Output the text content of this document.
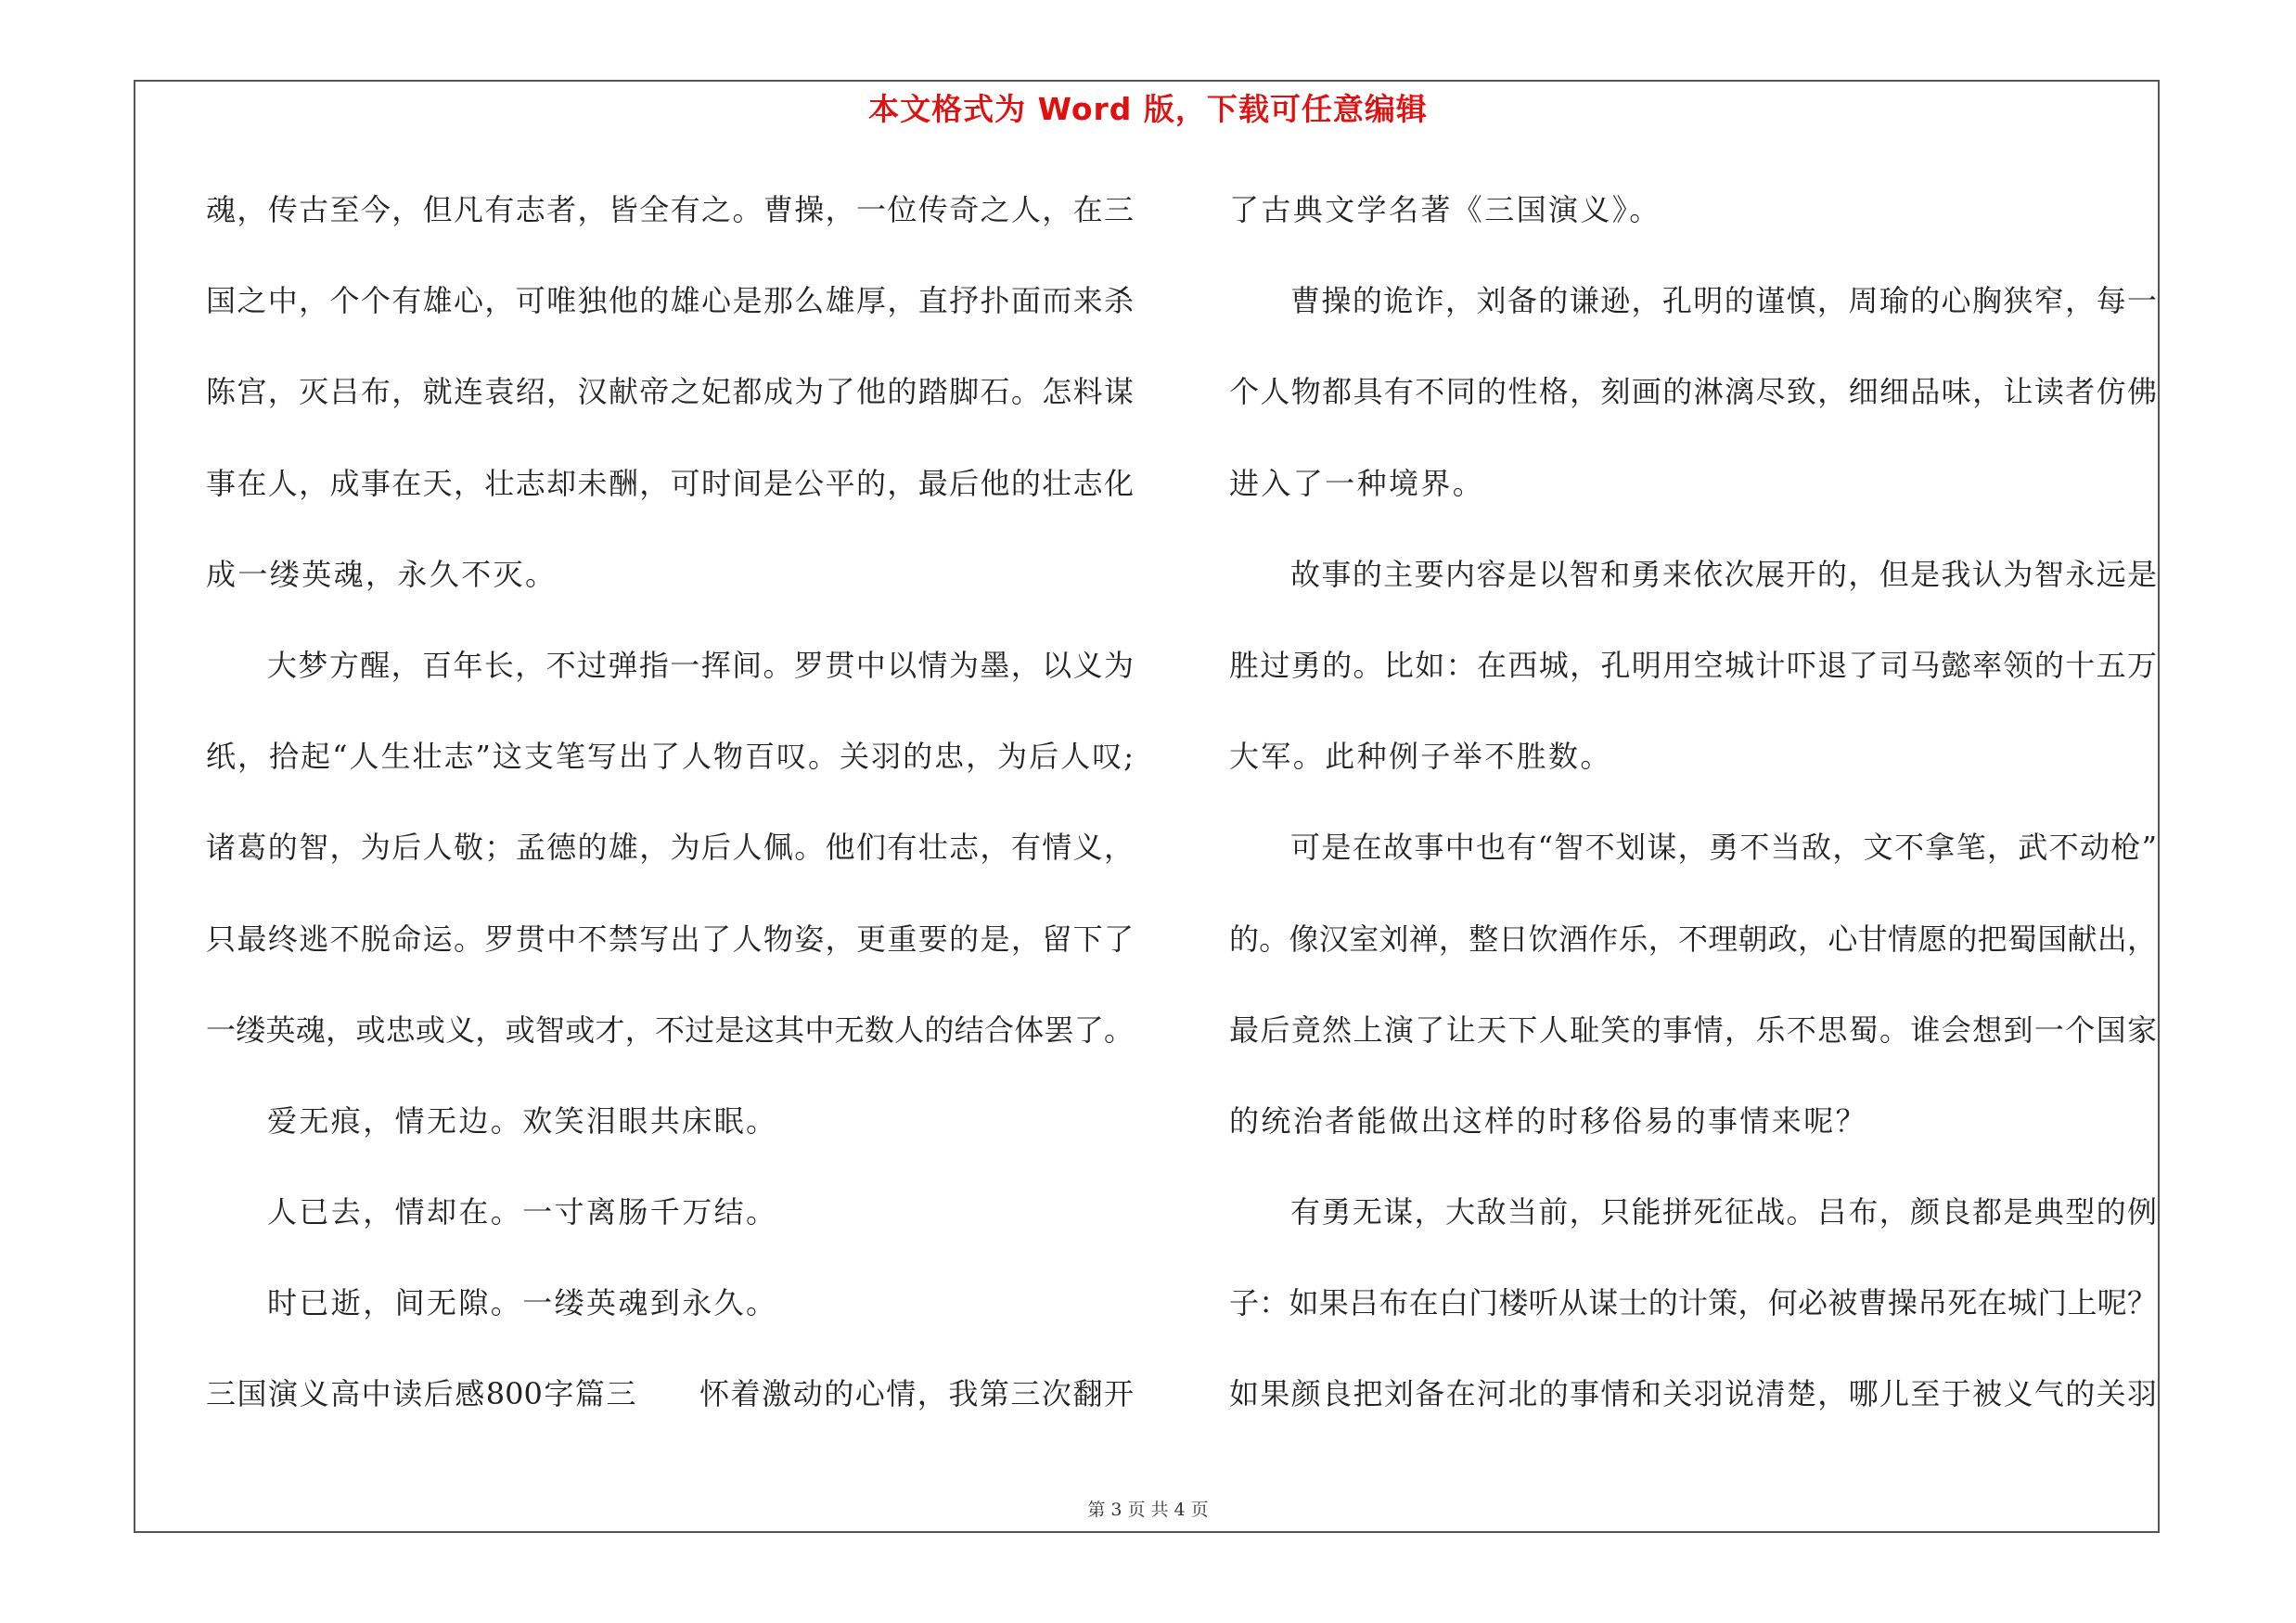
本文格式为 Word 版，下载可任意编辑
魂，传古至今，但凡有志者，皆全有之。曹操，一位传奇之人，在三
国之中，个个有雄心，可唯独他的雄心是那么雄厚，直抒扑面而来杀
陈宫，灭吕布，就连袁绍，汉献帝之妃都成为了他的踏脚石。怎料谋
事在人，成事在天，壮志却未酬，可时间是公平的，最后他的壮志化
成一缕英魂，永久不灭。
大梦方醒，百年长，不过弹指一挥间。罗贯中以情为墨，以义为
纸，拾起“人生壮志”这支笔写出了人物百叹。关羽的忠，为后人叹;
诸葛的智，为后人敬；孟德的雄，为后人佩。他们有壮志，有情义，
只最终逃不脱命运。罗贯中不禁写出了人物姿，更重要的是，留下了
一缕英魂，或忠或义，或智或才，不过是这其中无数人的结合体罢了。
爱无痕，情无边。欢笑泪眼共床眠。
人已去，情却在。一寸离肠千万结。
时已逝，间无隙。一缕英魂到永久。
三国演义高中读后感800字篇三　　怀着激动的心情，我第三次翻开
了古典文学名著《三国演义》。
曹操的诡诈，刘备的谦逊，孔明的谨慎，周瑜的心胸狭窄，每一
个人物都具有不同的性格，刻画的淋漓尽致，细细品味，让读者仿佛
进入了一种境界。
故事的主要内容是以智和勇来依次展开的，但是我认为智永远是
胜过勇的。比如：在西城，孔明用空城计吓退了司马懿率领的十五万
大军。此种例子举不胜数。
可是在故事中也有“智不划谋，勇不当敌，文不拿笔，武不动枪”
的。像汉室刘禅，整日饮酒作乐，不理朝政，心甘情愿的把蜀国献出，
最后竟然上演了让天下人耻笑的事情，乐不思蜀。谁会想到一个国家
的统治者能做出这样的时移俗易的事情来呢？
有勇无谋，大敌当前，只能拼死征战。吕布，颜良都是典型的例
子：如果吕布在白门楼听从谋士的计策，何必被曹操吊死在城门上呢？
如果颜良把刘备在河北的事情和关羽说清楚，哪儿至于被义气的关羽
第 3 页 共 4 页
